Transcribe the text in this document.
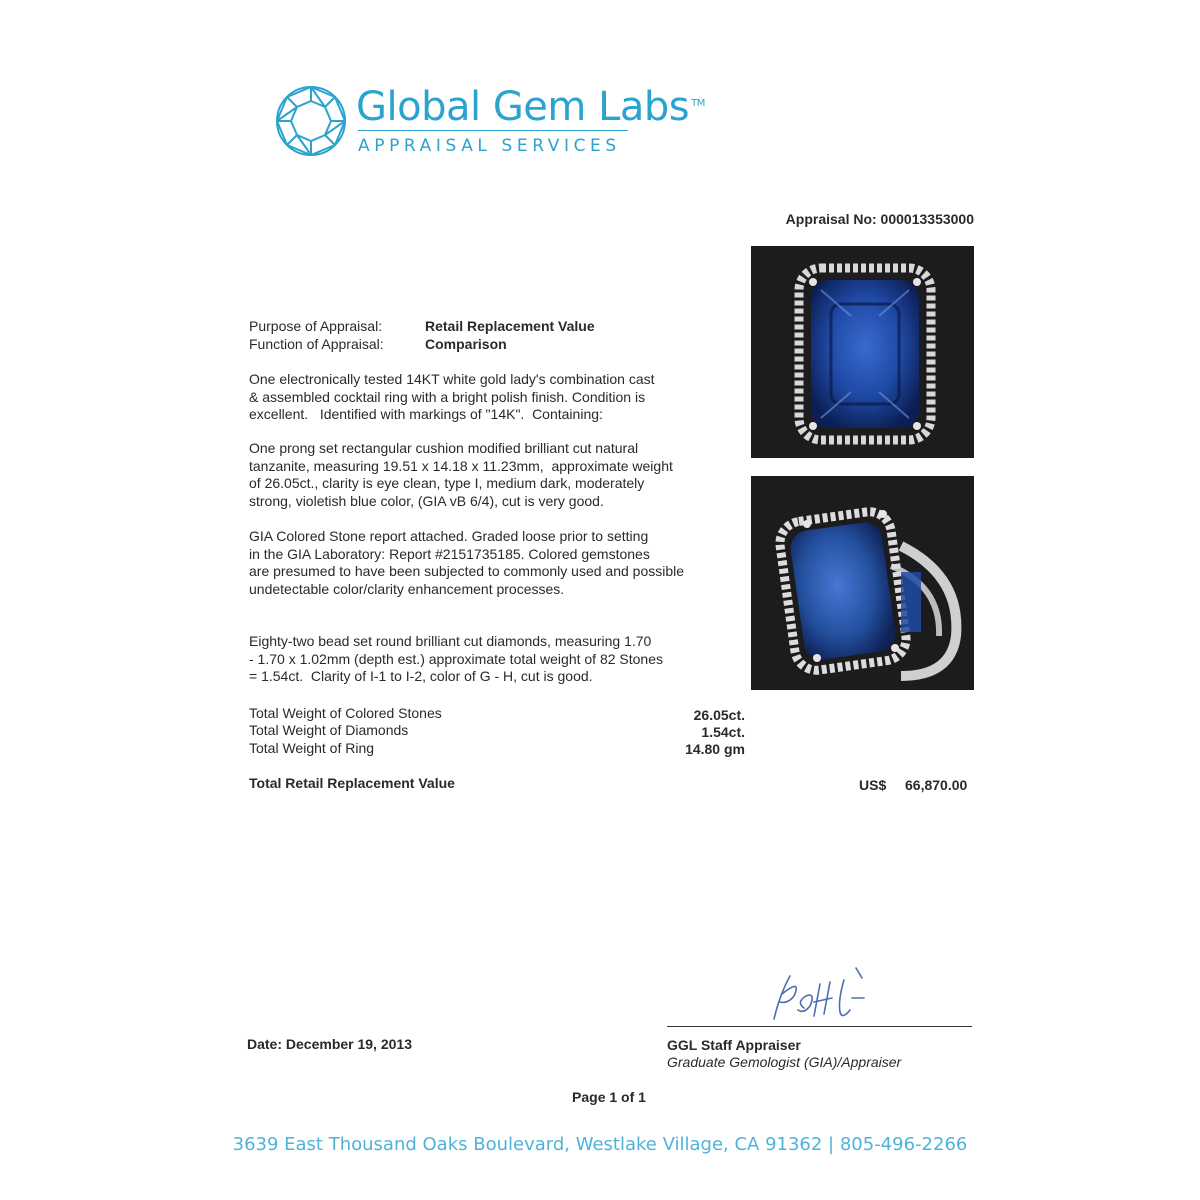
Global Gem Labs ™
APPRAISAL SERVICES
Appraisal No: 000013353000
Purpose of Appraisal:	Retail Replacement Value
Function of Appraisal:	Comparison
One electronically tested 14KT white gold lady's combination cast
& assembled cocktail ring with a bright polish finish. Condition is
excellent.   Identified with markings of "14K".  Containing:
One prong set rectangular cushion modified brilliant cut natural
tanzanite, measuring 19.51 x 14.18 x 11.23mm,  approximate weight
of 26.05ct., clarity is eye clean, type I, medium dark, moderately
strong, violetish blue color, (GIA vB 6/4), cut is very good.
GIA Colored Stone report attached. Graded loose prior to setting
in the GIA Laboratory: Report #2151735185. Colored gemstones
are presumed to have been subjected to commonly used and possible
undetectable color/clarity enhancement processes.
Eighty-two bead set round brilliant cut diamonds, measuring 1.70
- 1.70 x 1.02mm (depth est.) approximate total weight of 82 Stones
= 1.54ct.  Clarity of I-1 to I-2, color of G - H, cut is good.
Total Weight of Colored Stones	26.05ct.
Total Weight of Diamonds	1.54ct.
Total Weight of Ring	14.80 gm
Total Retail Replacement Value	US$ 66,870.00
Date: December 19, 2013	GGL Staff Appraiser
Graduate Gemologist (GIA)/Appraiser
Page 1 of 1
3639 East Thousand Oaks Boulevard, Westlake Village, CA 91362 | 805-496-2266
